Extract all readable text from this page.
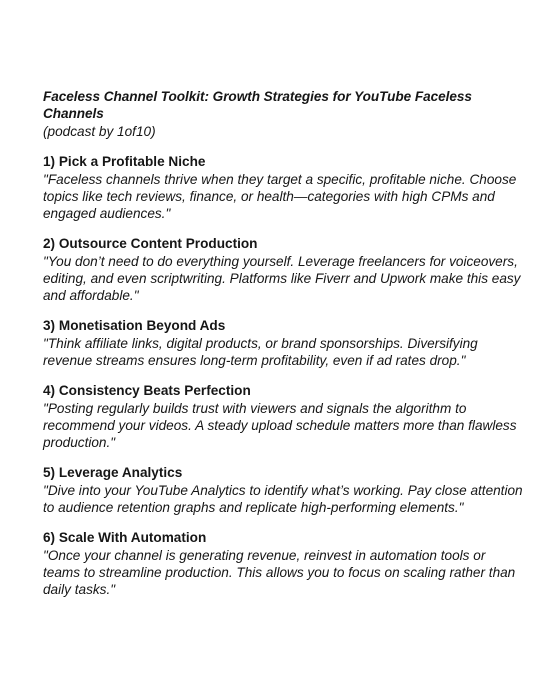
Faceless Channel Toolkit: Growth Strategies for YouTube Faceless Channels

(podcast by 1of10)

1) Pick a Profitable Niche

"Faceless channels thrive when they target a specific, profitable niche. Choose topics like tech reviews, finance, or health—categories with high CPMs and engaged audiences."

2) Outsource Content Production

"You don’t need to do everything yourself. Leverage freelancers for voiceovers, editing, and even scriptwriting. Platforms like Fiverr and Upwork make this easy and affordable."

3) Monetisation Beyond Ads

"Think affiliate links, digital products, or brand sponsorships. Diversifying revenue streams ensures long-term profitability, even if ad rates drop."

4) Consistency Beats Perfection

"Posting regularly builds trust with viewers and signals the algorithm to recommend your videos. A steady upload schedule matters more than flawless production."

5) Leverage Analytics

"Dive into your YouTube Analytics to identify what’s working. Pay close attention to audience retention graphs and replicate high-performing elements."

6) Scale With Automation

"Once your channel is generating revenue, reinvest in automation tools or teams to streamline production. This allows you to focus on scaling rather than daily tasks."
